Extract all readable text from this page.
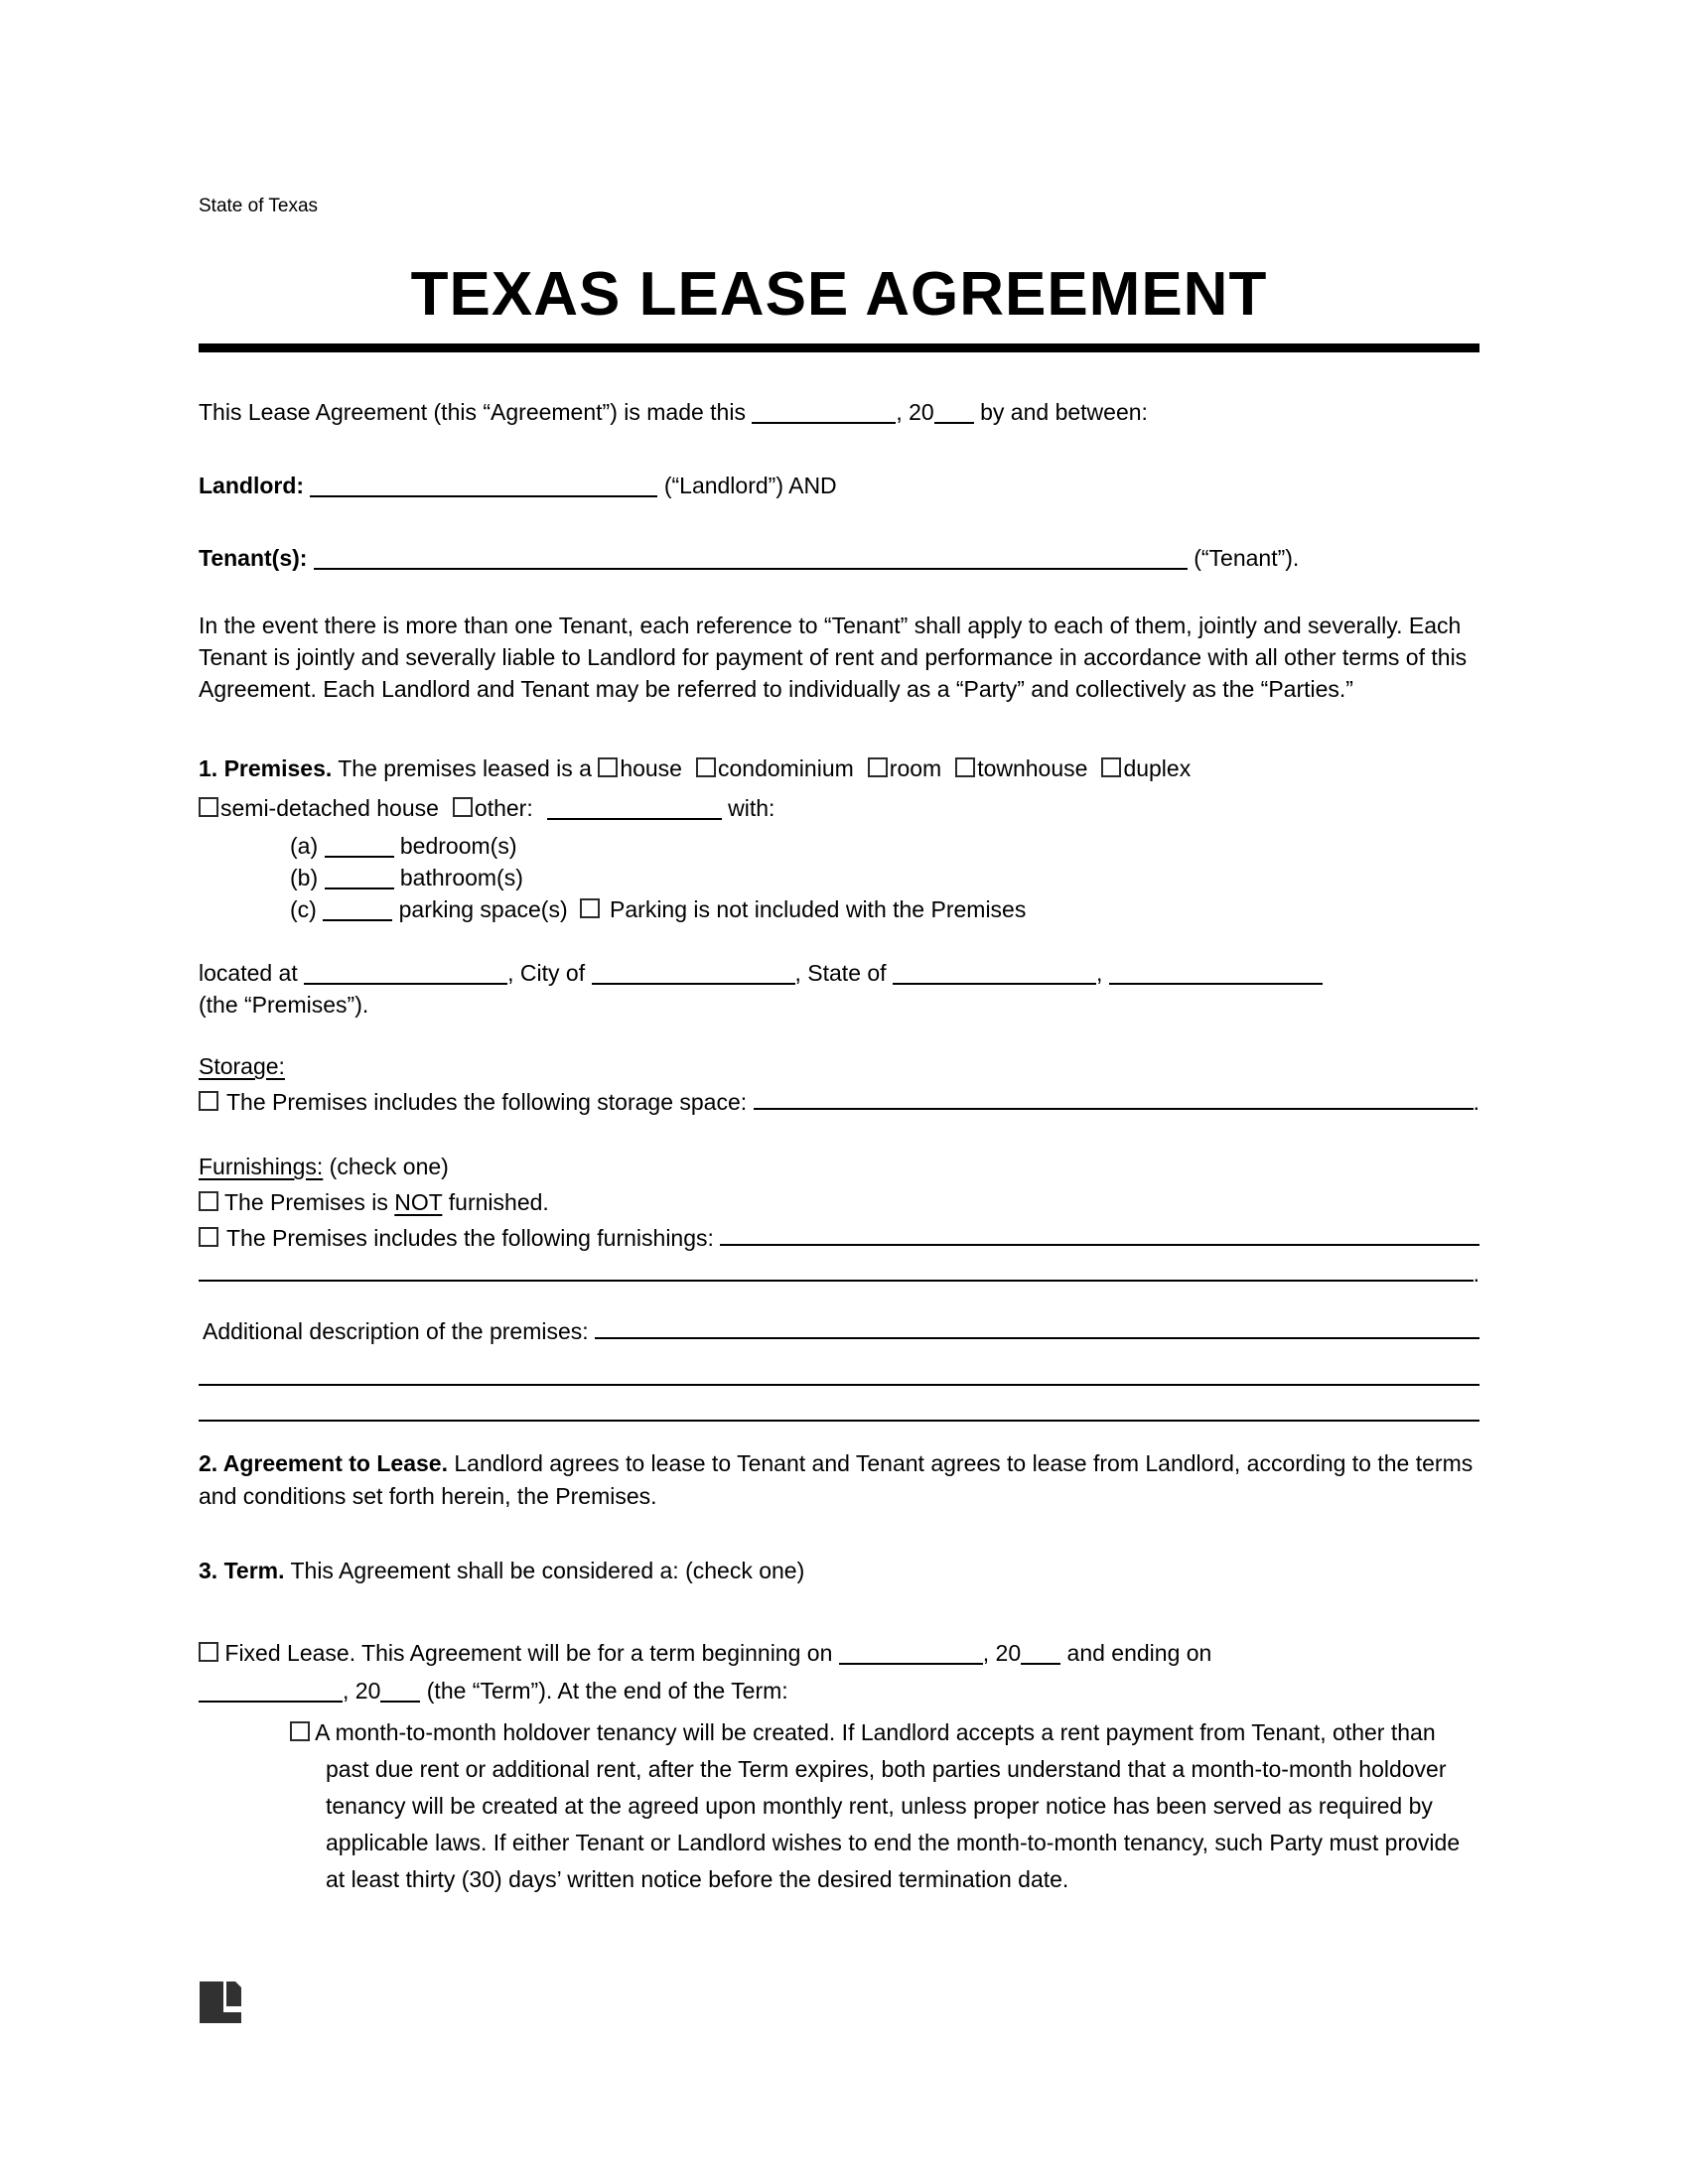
State of Texas
TEXAS LEASE AGREEMENT

This Lease Agreement (this “Agreement”) is made this	, 20 by and between:

Landlord:	(“Landlord”) AND

Tenant(s):	(“Tenant”).

In the event there is more than one Tenant, each reference to “Tenant” shall apply to each of them, jointly and severally. Each Tenant is jointly and severally liable to Landlord for payment of rent and performance in accordance with all other terms of this Agreement. Each Landlord and Tenant may be referred to individually as a “Party” and collectively as the “Parties.”

1. Premises. The premises leased is a house condominium room townhouse duplex
semi-detached house other:	with:

(a)	bedroom(s)
(b)	bathroom(s)
(c)	parking space(s) Parking is not included with the Premises

located at	, City of	, State of	,
(the “Premises”).

Storage:
The Premises includes the following storage space:	.
Furnishings: (check one)
The Premises is NOT furnished.
The Premises includes the following furnishings:
.
Additional description of the premises:

2. Agreement to Lease. Landlord agrees to lease to Tenant and Tenant agrees to lease from Landlord, according to the terms and conditions set forth herein, the Premises.

3. Term. This Agreement shall be considered a: (check one)

Fixed Lease. This Agreement will be for a term beginning on	, 20 and ending on
, 20 (the “Term”). At the end of the Term:

A month-to-month holdover tenancy will be created. If Landlord accepts a rent payment from Tenant, other than past due rent or additional rent, after the Term expires, both parties understand that a month-to-month holdover tenancy will be created at the agreed upon monthly rent, unless proper notice has been served as required by applicable laws. If either Tenant or Landlord wishes to end the month-to-month tenancy, such Party must provide at least thirty (30) days’ written notice before the desired termination date.
